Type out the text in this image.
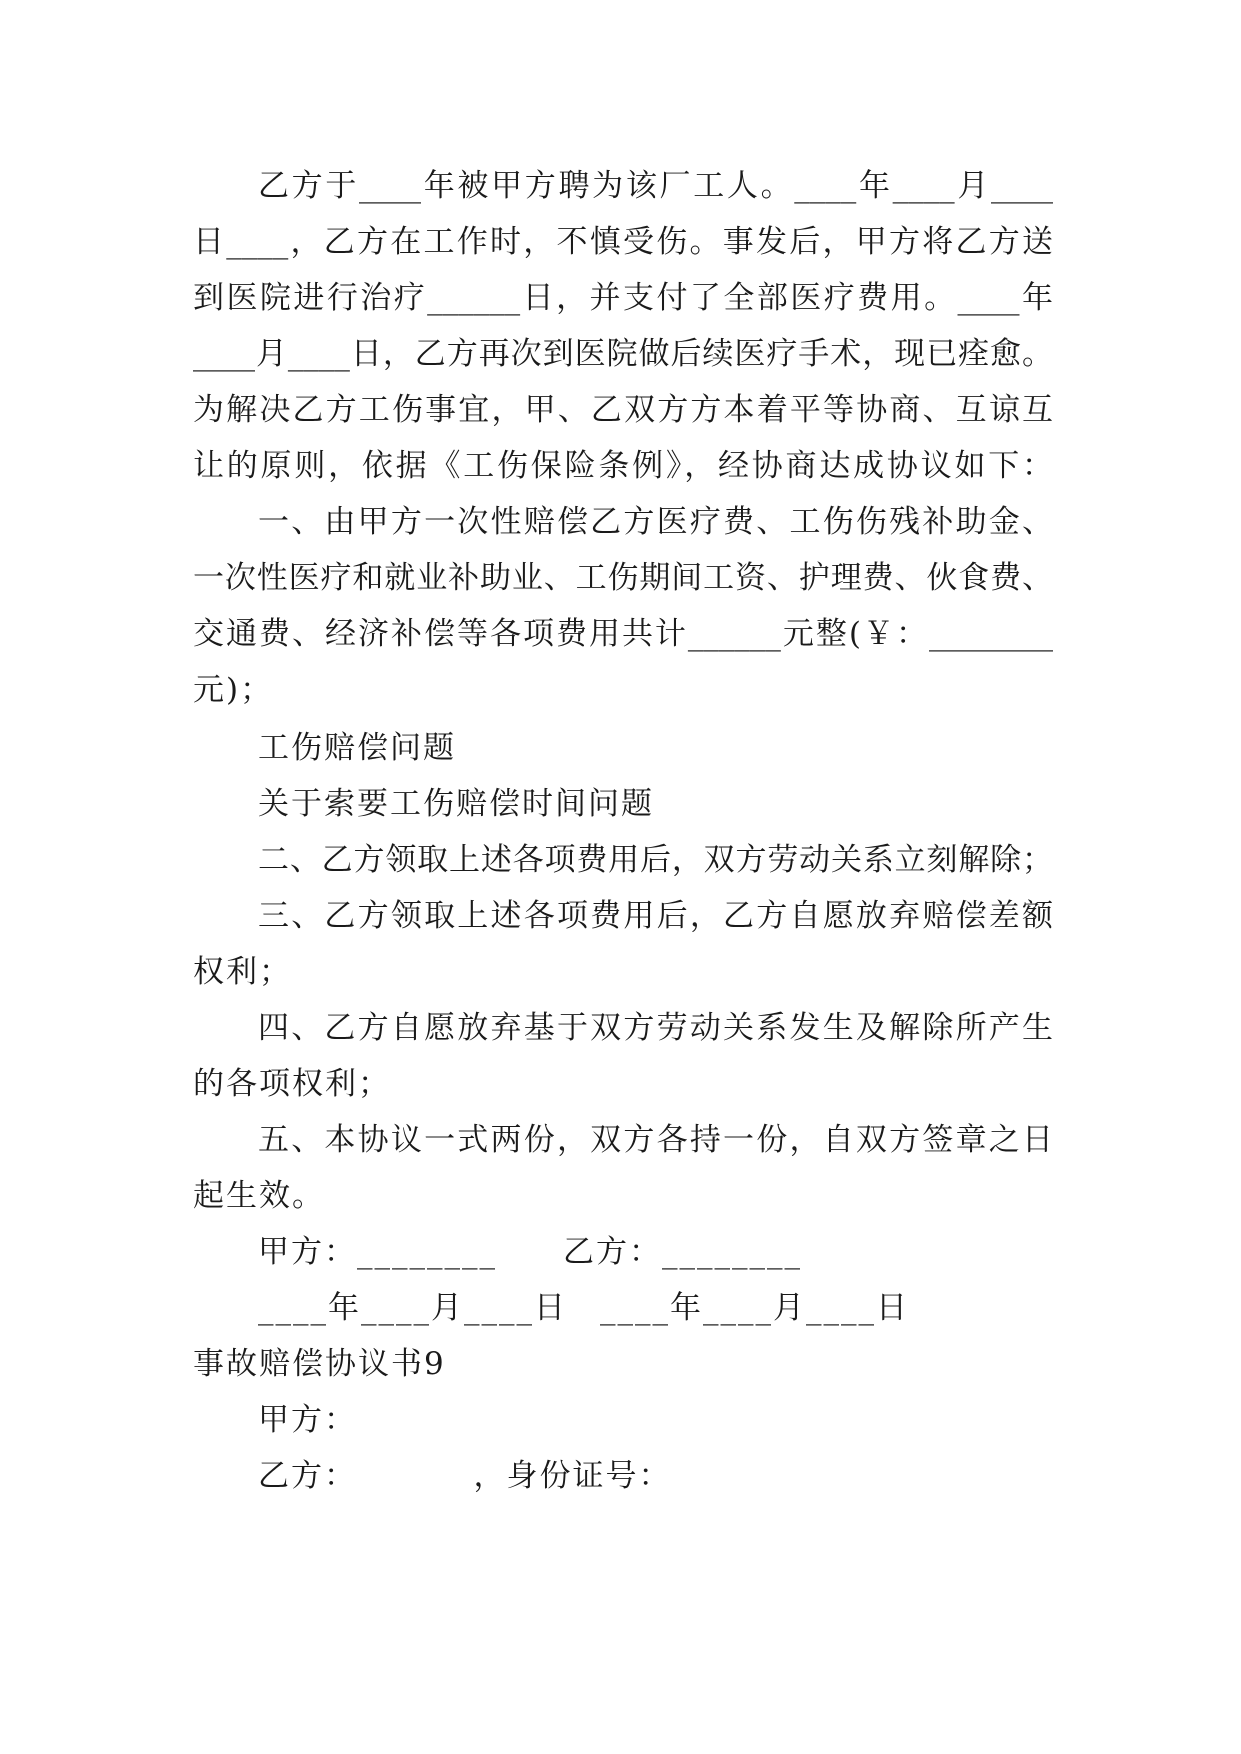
乙方于____年被甲方聘为该厂工人。____年____月____
日____，乙方在工作时，不慎受伤。事发后，甲方将乙方送
到医院进行治疗______日，并支付了全部医疗费用。____年
____月____日，乙方再次到医院做后续医疗手术，现已痊愈。
为解决乙方工伤事宜，甲、乙双方方本着平等协商、互谅互
让的原则，依据《工伤保险条例》，经协商达成协议如下：
一、由甲方一次性赔偿乙方医疗费、工伤伤残补助金、
一次性医疗和就业补助业、工伤期间工资、护理费、伙食费、
交通费、经济补偿等各项费用共计______元整(￥：________
元)；
工伤赔偿问题
关于索要工伤赔偿时间问题
二、乙方领取上述各项费用后，双方劳动关系立刻解除；
三、乙方领取上述各项费用后，乙方自愿放弃赔偿差额
权利；
四、乙方自愿放弃基于双方劳动关系发生及解除所产生
的各项权利；
五、本协议一式两份，双方各持一份，自双方签章之日
起生效。
甲方：________　　乙方：________
____年____月____日　____年____月____日
事故赔偿协议书9
甲方：
乙方：　　　　，身份证号：
